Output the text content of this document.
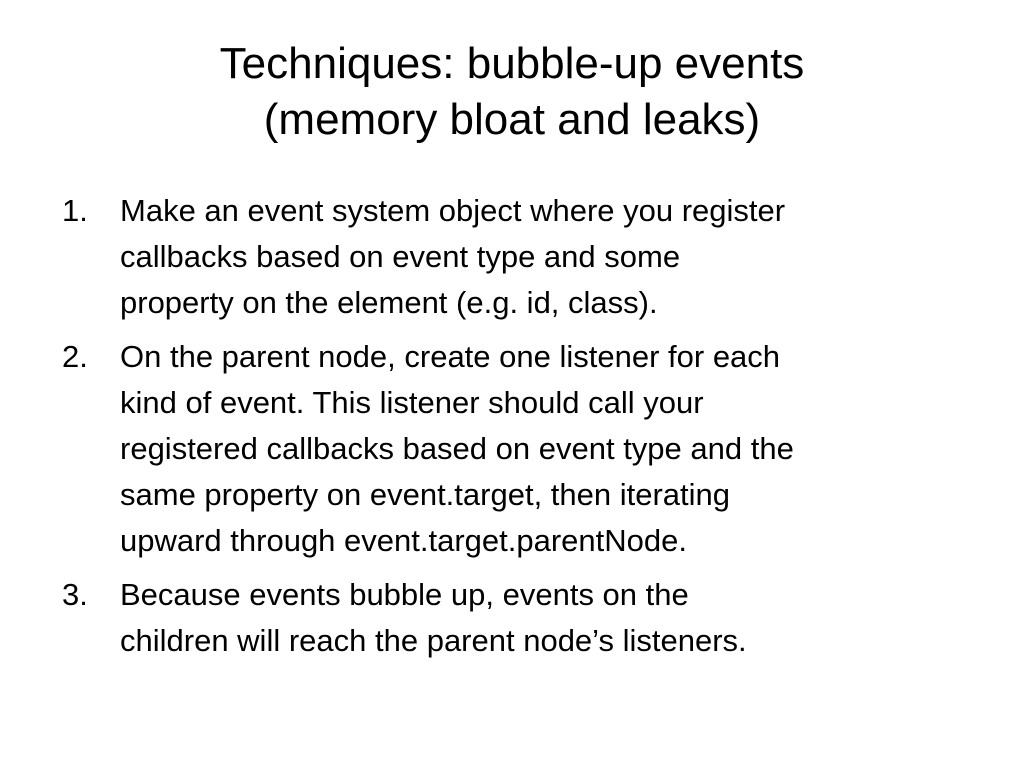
Techniques: bubble-up events
(memory bloat and leaks)
1. Make an event system object where you register
callbacks based on event type and some
property on the element (e.g. id, class).
2. On the parent node, create one listener for each
kind of event. This listener should call your
registered callbacks based on event type and the
same property on event.target, then iterating
upward through event.target.parentNode.
3. Because events bubble up, events on the
children will reach the parent node’s listeners.
